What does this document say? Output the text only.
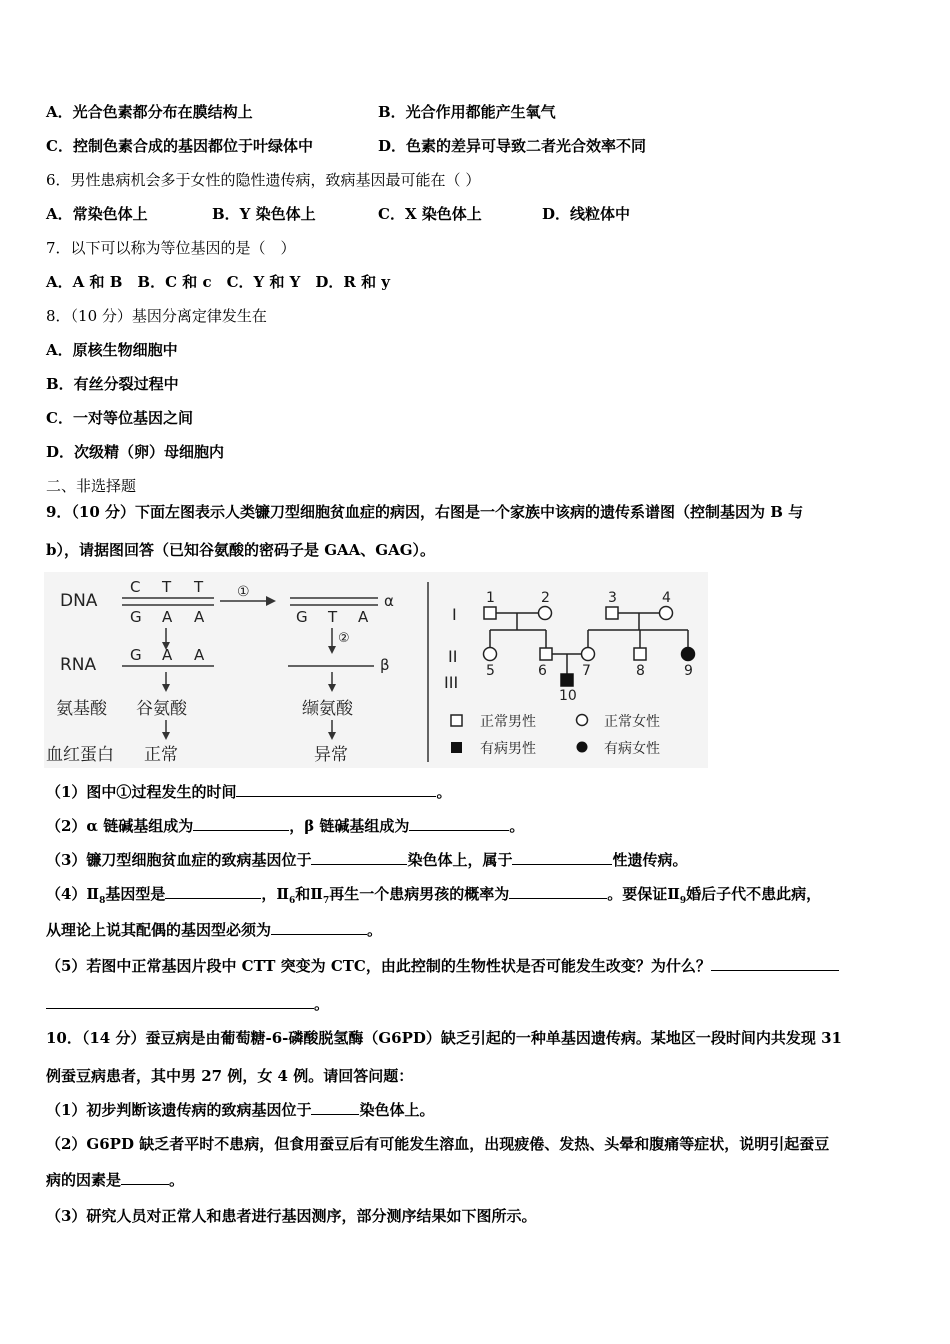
A．光合色素都分布在膜结构上	B．光合作用都能产生氧气
C．控制色素合成的基因都位于叶绿体中	D．色素的差异可导致二者光合效率不同
6．男性患病机会多于女性的隐性遗传病，致病基因最可能在（ ）
A．常染色体上	B．Y 染色体上	C．X 染色体上	D．线粒体中
7．以下可以称为等位基因的是（　）
A．A 和 B　B．C 和 c　C．Y 和 Y　D．R 和 y
8．（10 分）基因分离定律发生在
A．原核生物细胞中
B．有丝分裂过程中
C．一对等位基因之间
D．次级精（卵）母细胞内
二、非选择题
9．（10 分）下面左图表示人类镰刀型细胞贫血症的病因，右图是一个家族中该病的遗传系谱图（控制基因为 B 与
b），请据图回答（已知谷氨酸的密码子是 GAA、GAG）。
DNA
C T T
G A A
①	α
G T A
②
RNA G A A
β
氨基酸 谷氨酸	缬氨酸
血红蛋白 正常	异常
I
II
III
1	2	3	4
5	6	7	8	9
10
正常男性	正常女性
有病男性	有病女性
（1）图中①过程发生的时间	。
（2）α 链碱基组成为	，β 链碱基组成为	。
（3）镰刀型细胞贫血症的致病基因位于	染色体上，属于	性遗传病。
$(4)Ⅱ_8$基因型是	，$Ⅱ_6$和$Ⅱ_7$再生一个患病男孩的概率为	。要保证$Ⅱ_9$婚后子代不患此病，
从理论上说其配偶的基因型必须为	。
（5）若图中正常基因片段中 CTT 突变为 CTC，由此控制的生物性状是否可能发生改变？为什么？
。
10．（14 分）蚕豆病是由葡萄糖-6-磷酸脱氢酶（G6PD）缺乏引起的一种单基因遗传病。某地区一段时间内共发现 31
例蚕豆病患者，其中男 27 例，女 4 例。请回答问题：
（1）初步判断该遗传病的致病基因位于	染色体上。
（2）G6PD 缺乏者平时不患病，但食用蚕豆后有可能发生溶血，出现疲倦、发热、头晕和腹痛等症状，说明引起蚕豆
病的因素是	。
（3）研究人员对正常人和患者进行基因测序，部分测序结果如下图所示。
